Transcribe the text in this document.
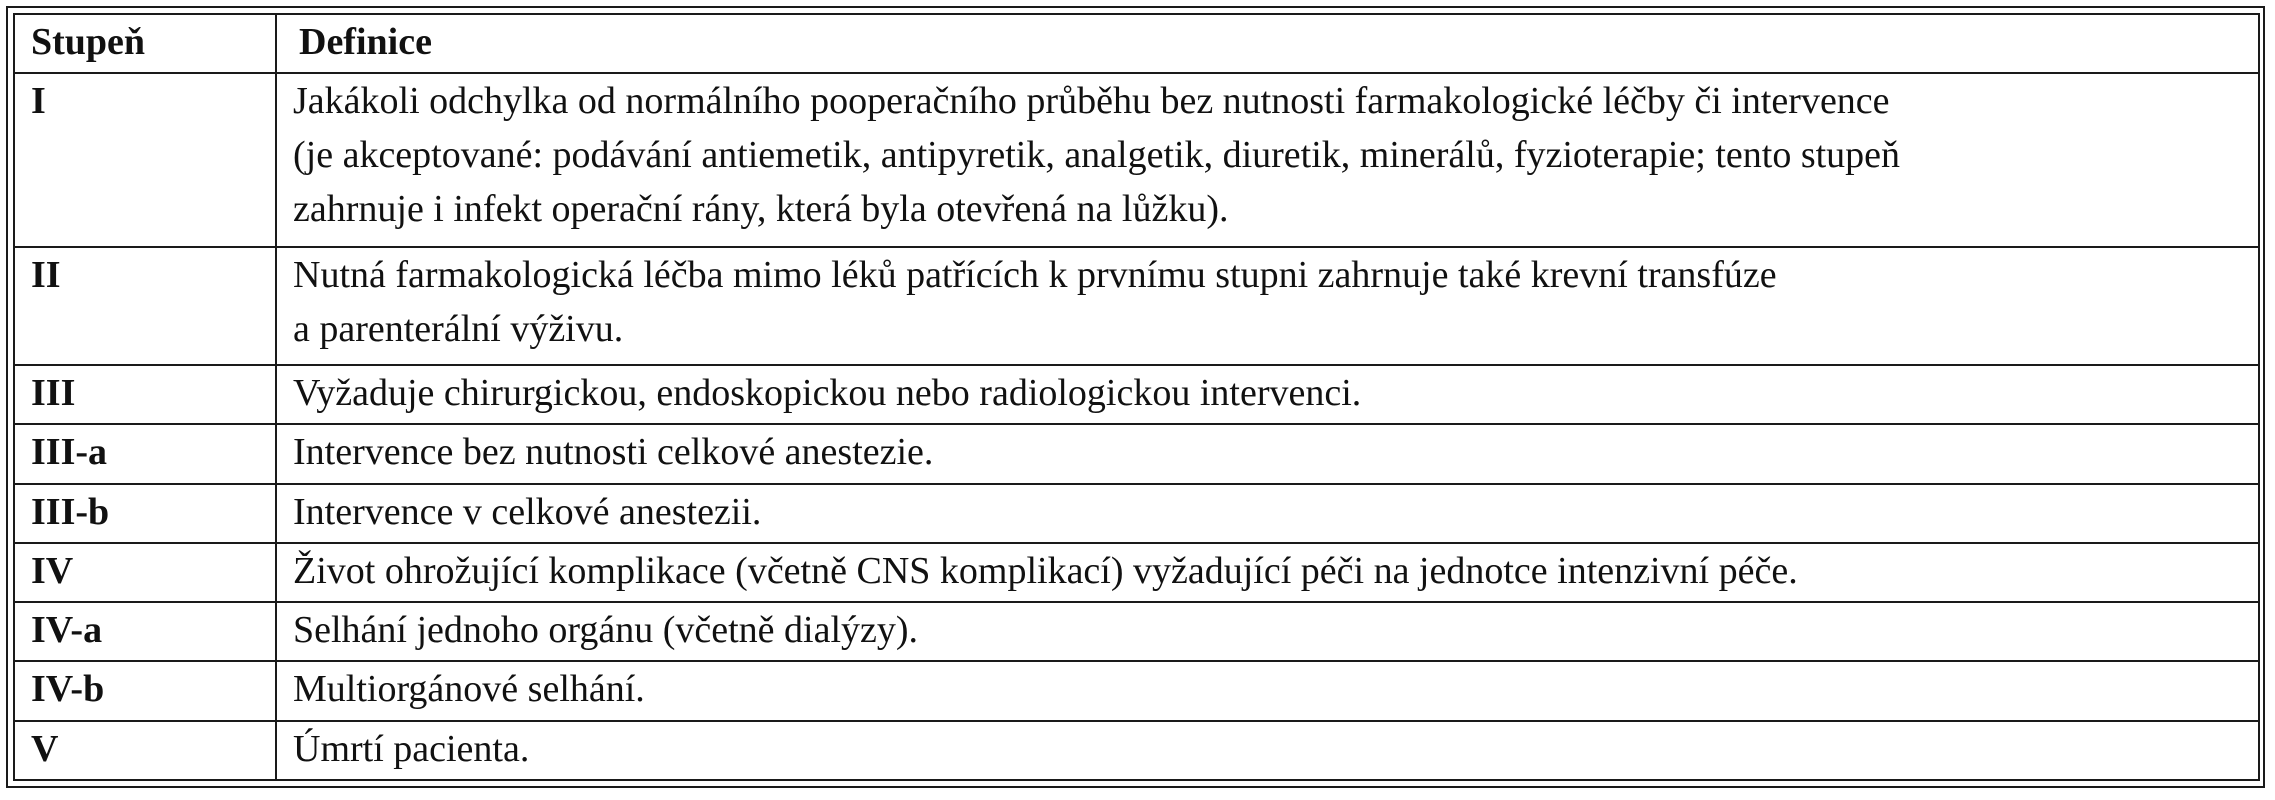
Stupeň	Definice
I	Jakákoli odchylka od normálního pooperačního průběhu bez nutnosti farmakologické léčby či intervence
(je akceptované: podávání antiemetik, antipyretik, analgetik, diuretik, minerálů, fyzioterapie; tento stupeň
zahrnuje i infekt operační rány, která byla otevřená na lůžku).

II	Nutná farmakologická léčba mimo léků patřících k prvnímu stupni zahrnuje také krevní transfúze
a parenterální výživu.

III	Vyžaduje chirurgickou, endoskopickou nebo radiologickou intervenci.

III-a	Intervence bez nutnosti celkové anestezie.

III-b	Intervence v celkové anestezii.

IV	Život ohrožující komplikace (včetně CNS komplikací) vyžadující péči na jednotce intenzivní péče.

IV-a	Selhání jednoho orgánu (včetně dialýzy).

IV-b	Multiorgánové selhání.

V	Úmrtí pacienta.
